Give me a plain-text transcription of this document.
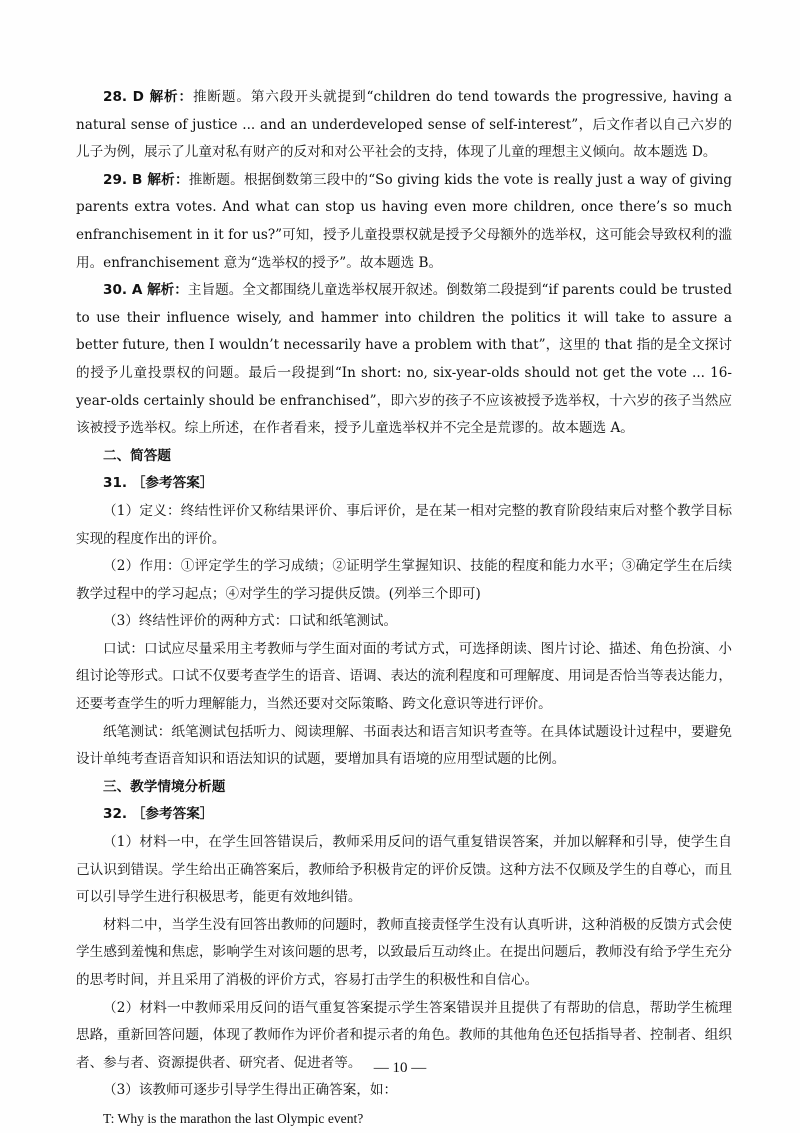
28. D 解析：推断题。第六段开头就提到“children do tend towards the progressive, having a natural sense of justice ... and an underdeveloped sense of self-interest”，后文作者以自己六岁的儿子为例，展示了儿童对私有财产的反对和对公平社会的支持，体现了儿童的理想主义倾向。故本题选 D。

29. B 解析：推断题。根据倒数第三段中的“So giving kids the vote is really just a way of giving parents extra votes. And what can stop us having even more children, once there’s so much enfranchisement in it for us?”可知，授予儿童投票权就是授予父母额外的选举权，这可能会导致权利的滥用。enfranchisement 意为“选举权的授予”。故本题选 B。

30. A 解析：主旨题。全文都围绕儿童选举权展开叙述。倒数第二段提到“if parents could be trusted to use their influence wisely, and hammer into children the politics it will take to assure a better future, then I wouldn’t necessarily have a problem with that”，这里的 that 指的是全文探讨的授予儿童投票权的问题。最后一段提到“In short: no, six-year-olds should not get the vote ... 16-year-olds certainly should be enfranchised”，即六岁的孩子不应该被授予选举权，十六岁的孩子当然应该被授予选举权。综上所述，在作者看来，授予儿童选举权并不完全是荒谬的。故本题选 A。

二、简答题

31. ［参考答案］

（1）定义：终结性评价又称结果评价、事后评价，是在某一相对完整的教育阶段结束后对整个教学目标实现的程度作出的评价。

（2）作用：①评定学生的学习成绩；②证明学生掌握知识、技能的程度和能力水平；③确定学生在后续教学过程中的学习起点；④对学生的学习提供反馈。(列举三个即可)

（3）终结性评价的两种方式：口试和纸笔测试。

口试：口试应尽量采用主考教师与学生面对面的考试方式，可选择朗读、图片讨论、描述、角色扮演、小组讨论等形式。口试不仅要考查学生的语音、语调、表达的流利程度和可理解度、用词是否恰当等表达能力，还要考查学生的听力理解能力，当然还要对交际策略、跨文化意识等进行评价。

纸笔测试：纸笔测试包括听力、阅读理解、书面表达和语言知识考查等。在具体试题设计过程中，要避免设计单纯考查语音知识和语法知识的试题，要增加具有语境的应用型试题的比例。

三、教学情境分析题

32. ［参考答案］

（1）材料一中，在学生回答错误后，教师采用反问的语气重复错误答案，并加以解释和引导，使学生自己认识到错误。学生给出正确答案后，教师给予积极肯定的评价反馈。这种方法不仅顾及学生的自尊心，而且可以引导学生进行积极思考，能更有效地纠错。

材料二中，当学生没有回答出教师的问题时，教师直接责怪学生没有认真听讲，这种消极的反馈方式会使学生感到羞愧和焦虑，影响学生对该问题的思考，以致最后互动终止。在提出问题后，教师没有给予学生充分的思考时间，并且采用了消极的评价方式，容易打击学生的积极性和自信心。

（2）材料一中教师采用反问的语气重复答案提示学生答案错误并且提供了有帮助的信息，帮助学生梳理思路，重新回答问题，体现了教师作为评价者和提示者的角色。教师的其他角色还包括指导者、控制者、组织者、参与者、资源提供者、研究者、促进者等。

（3）该教师可逐步引导学生得出正确答案，如：

T: Why is the marathon the last Olympic event?

— 10 —
